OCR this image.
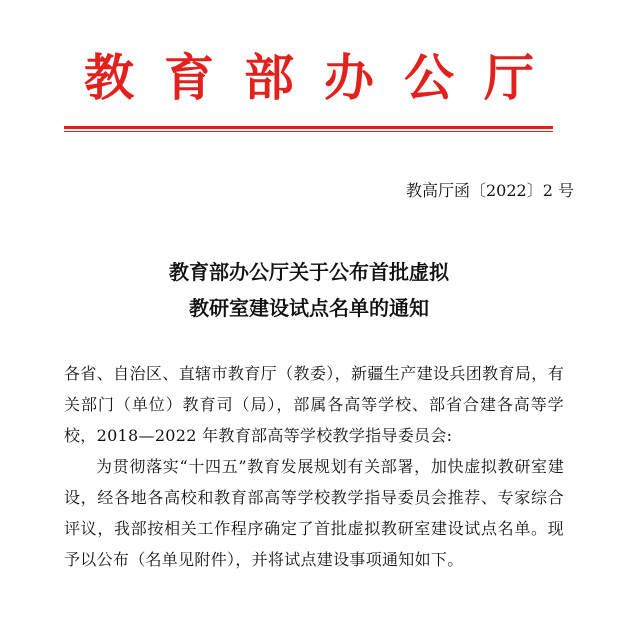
教育部办公厅
教高厅函〔2022〕2 号
教育部办公厅关于公布首批虚拟
教研室建设试点名单的通知

各省、自治区、直辖市教育厅（教委），新疆生产建设兵团教育局，有关部门（单位）教育司（局），部属各高等学校、部省合建各高等学校，2018—2022 年教育部高等学校教学指导委员会:

为贯彻落实“十四五”教育发展规划有关部署，加快虚拟教研室建设，经各地各高校和教育部高等学校教学指导委员会推荐、专家综合评议，我部按相关工作程序确定了首批虚拟教研室建设试点名单。现予以公布（名单见附件），并将试点建设事项通知如下。
